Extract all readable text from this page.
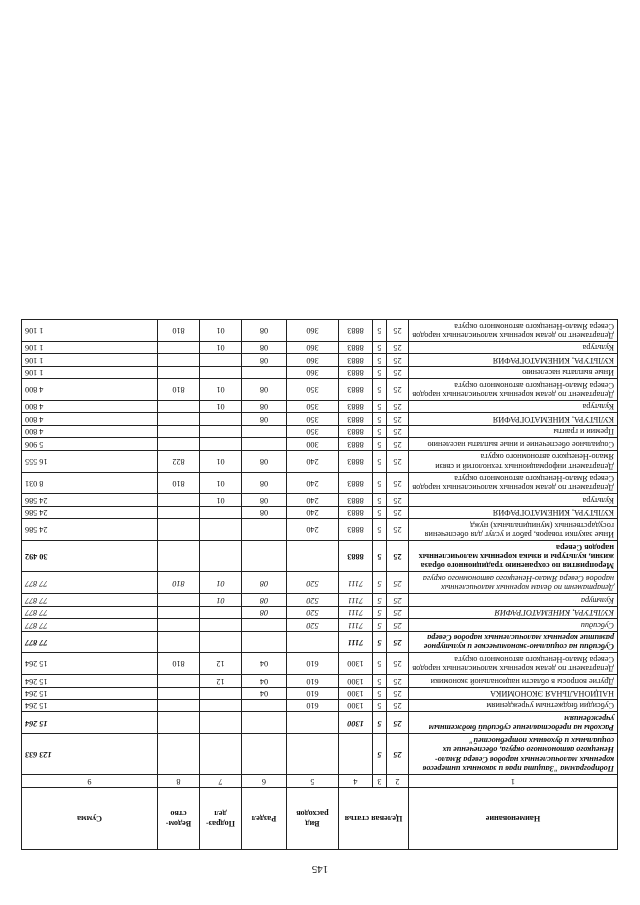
145
Наименование	Целевая статья			Вид расходов	Раздел	Подраз- дел	Ведом- ство	Сумма
1	2	3	4	5	6	7	8	9
Подпрограмма "Защита прав и законных интересов коренных малочисленных народов Севера Ямало-Ненецкого автономного округа, обеспечение их социальных и духовных потребностей"	25	5						123 633
Расходы на предоставление субсидий бюджетным учреждениям	25	5	1300					15 264
Субсидии бюджетным учреждениям	25	5	1300	610				15 264
НАЦИОНАЛЬНАЯ ЭКОНОМИКА	25	5	1300	610	04			15 264
Другие вопросы в области национальной экономики	25	5	1300	610	04	12		15 264
Департамент по делам коренных малочисленных народов Севера Ямало-Ненецкого автономного округа	25	5	1300	610	04	12	810	15 264
Субсидии на социально-экономическое и культурное развитие коренных малочисленных народов Севера	25	5	7111					77 877
Субсидии	25	5	7111	520				77 877
КУЛЬТУРА, КИНЕМАТОГРАФИЯ	25	5	7111	520	08			77 877
Культура	25	5	7111	520	08	01		77 877
Департамент по делам коренных малочисленных народов Севера Ямало-Ненецкого автономного округа	25	5	7111	520	08	01	810	77 877
Мероприятия по сохранению традиционного образа жизни, культуры и языка коренных малочисленных народов Севера	25	5	8883					30 492
Иные закупки товаров, работ и услуг для обеспечения государственных (муниципальных) нужд	25	5	8883	240				24 586
КУЛЬТУРА, КИНЕМАТОГРАФИЯ	25	5	8883	240	08			24 586
Культура	25	5	8883	240	08	01		24 586
Департамент по делам коренных малочисленных народов Севера Ямало-Ненецкого автономного округа	25	5	8883	240	08	01	810	8 031
Департамент информационных технологий и связи Ямало-Ненецкого автономного округа	25	5	8883	240	08	01	822	16 555
Социальное обеспечение и иные выплаты населению	25	5	8883	300				5 906
Премии и гранты	25	5	8883	350				4 800
КУЛЬТУРА, КИНЕМАТОГРАФИЯ	25	5	8883	350	08			4 800
Культура	25	5	8883	350	08	01		4 800
Департамент по делам коренных малочисленных народов Севера Ямало-Ненецкого автономного округа	25	5	8883	350	08	01	810	4 800
Иные выплаты населению	25	5	8883	360				1 106
КУЛЬТУРА, КИНЕМАТОГРАФИЯ	25	5	8883	360	08			1 106
Культура	25	5	8883	360	08	01		1 106
Департамент по делам коренных малочисленных народов Севера Ямало-Ненецкого автономного округа	25	5	8883	360	08	01	810	1 106
